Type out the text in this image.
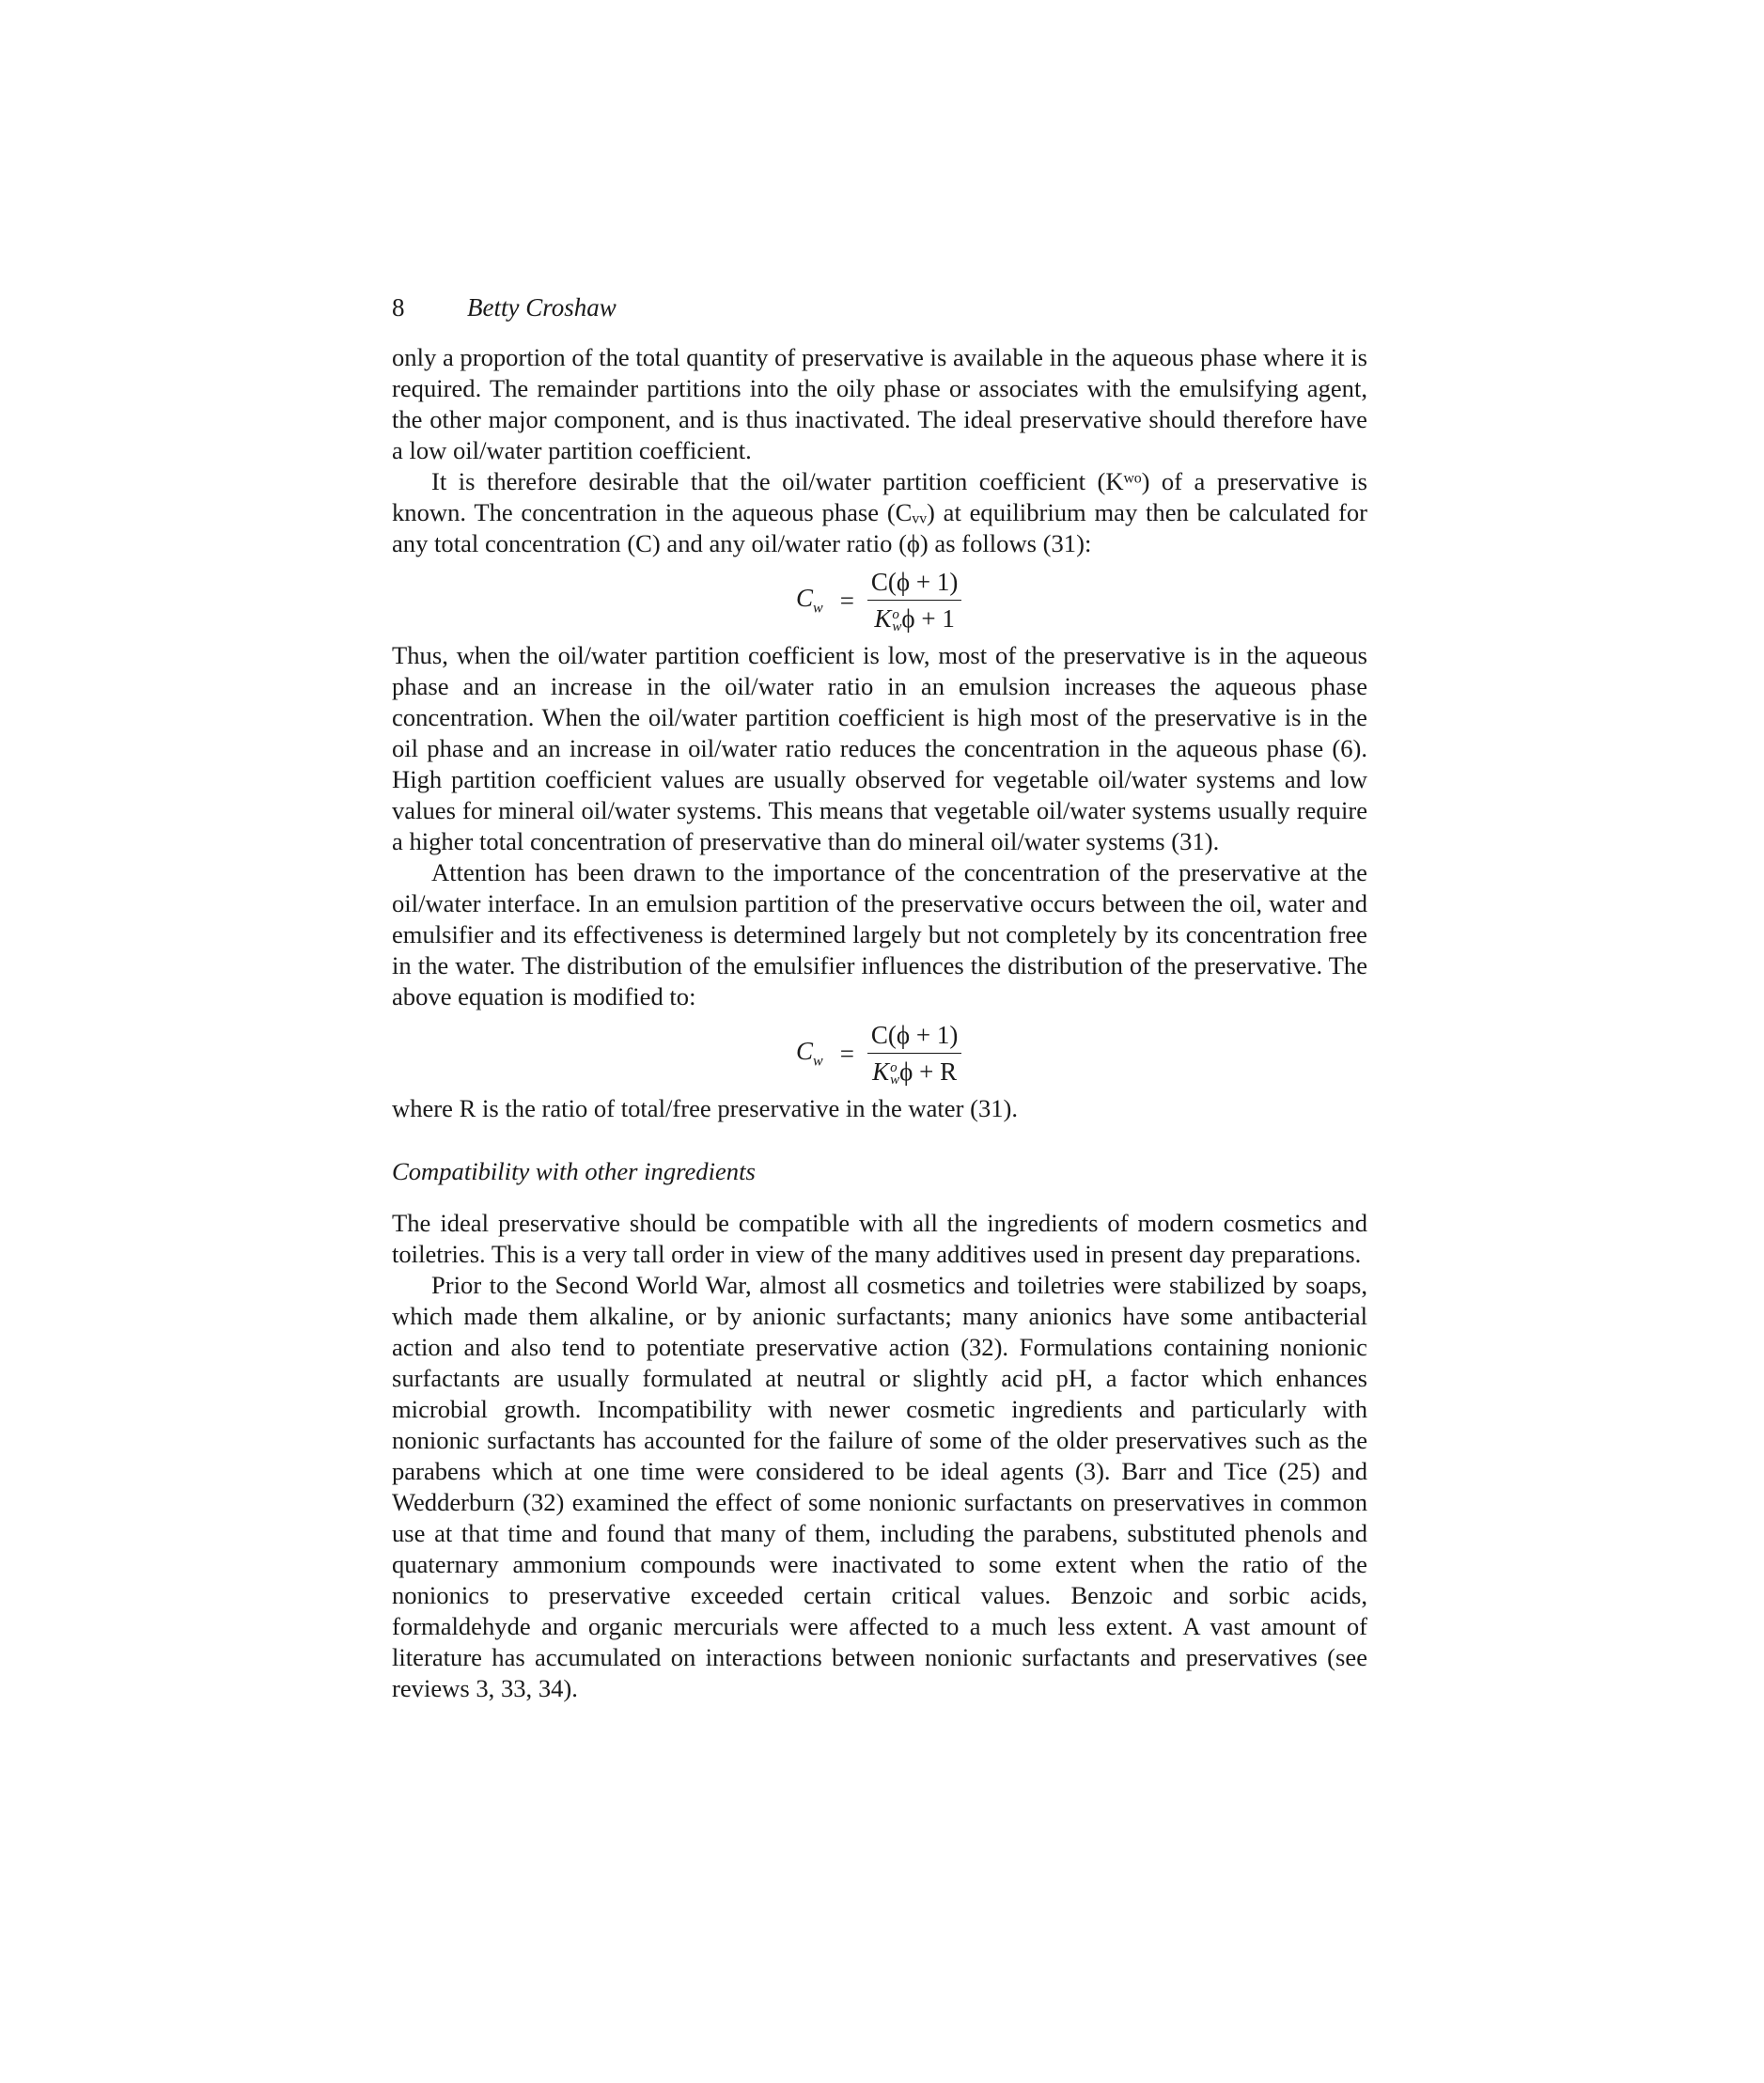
8 Betty Croshaw

only a proportion of the total quantity of preservative is available in the aqueous phase where it is required. The remainder partitions into the oily phase or associates with the emulsifying agent, the other major component, and is thus inactivated. The ideal preservative should therefore have a low oil/water partition coefficient.

It is therefore desirable that the oil/water partition coefficient (Kʷᵒ) of a preservative is known. The concentration in the aqueous phase (Cᵥᵥ) at equilibrium may then be calculated for any total concentration (C) and any oil/water ratio (ϕ) as follows (31):

$C_w = C(\phi + 1)$
K o
w ϕ + 1

Thus, when the oil/water partition coefficient is low, most of the preservative is in the aqueous phase and an increase in the oil/water ratio in an emulsion increases the aqueous phase concentration. When the oil/water partition coefficient is high most of the preservative is in the oil phase and an increase in oil/water ratio reduces the concentration in the aqueous phase (6). High partition coefficient values are usually observed for vegetable oil/water systems and low values for mineral oil/water systems. This means that vegetable oil/water systems usually require a higher total concentration of preservative than do mineral oil/water systems (31).

Attention has been drawn to the importance of the concentration of the preservative at the oil/water interface. In an emulsion partition of the preservative occurs between the oil, water and emulsifier and its effectiveness is determined largely but not completely by its concentration free in the water. The distribution of the emulsifier influences the distribution of the preservative. The above equation is modified to:

$C_w = C(\phi + 1)$
K o
w ϕ + R

where R is the ratio of total/free preservative in the water (31).

Compatibility with other ingredients

The ideal preservative should be compatible with all the ingredients of modern cosmetics and toiletries. This is a very tall order in view of the many additives used in present day preparations.

Prior to the Second World War, almost all cosmetics and toiletries were stabilized by soaps, which made them alkaline, or by anionic surfactants; many anionics have some antibacterial action and also tend to potentiate preservative action (32). Formulations containing nonionic surfactants are usually formulated at neutral or slightly acid pH, a factor which enhances microbial growth. Incompatibility with newer cosmetic ingredients and particularly with nonionic surfactants has accounted for the failure of some of the older preservatives such as the parabens which at one time were considered to be ideal agents (3). Barr and Tice (25) and Wedderburn (32) examined the effect of some nonionic surfactants on preservatives in common use at that time and found that many of them, including the parabens, substituted phenols and quaternary ammonium compounds were inactivated to some extent when the ratio of the nonionics to preservative exceeded certain critical values. Benzoic and sorbic acids, formaldehyde and organic mercurials were affected to a much less extent. A vast amount of literature has accumulated on interactions between nonionic surfactants and preservatives (see reviews 3, 33, 34).
